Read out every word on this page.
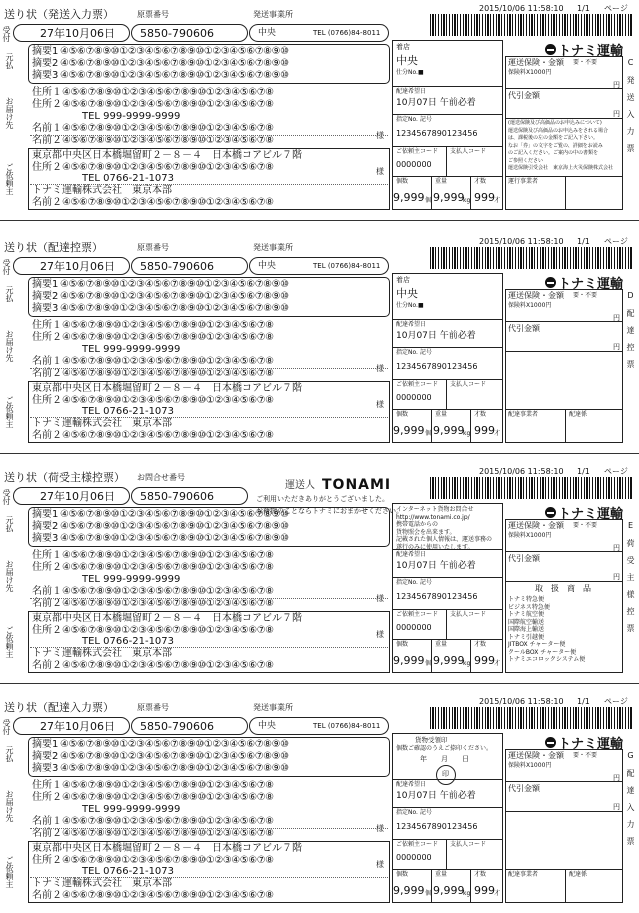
送り状（発送入力票）	原票番号	発送事業所
2015/10/06 11:58:10 1/1 ページ
受付	27年10月06日 5850-790606	中央	TEL (0766)84-8011
元払
お届け先
ご依頼主
摘要1 ④⑤⑥⑦⑧⑨⑩①②③④⑤⑥⑦⑧⑨⑩①②③④⑤⑥⑦⑧⑨⑩
摘要2 ④⑤⑥⑦⑧⑨⑩①②③④⑤⑥⑦⑧⑨⑩①②③④⑤⑥⑦⑧⑨⑩
摘要3 ④⑤⑥⑦⑧⑨⑩①②③④⑤⑥⑦⑧⑨⑩①②③④⑤⑥⑦⑧⑨⑩
住所１ ④⑤⑥⑦⑧⑨⑩①②③④⑤⑥⑦⑧⑨⑩①②③④⑤⑥⑦⑧
住所２ ④⑤⑥⑦⑧⑨⑩①②③④⑤⑥⑦⑧⑨⑩①②③④⑤⑥⑦⑧
TEL 999-9999-9999
名前１ ④⑤⑥⑦⑧⑨⑩①②③④⑤⑥⑦⑧⑨⑩①②③④⑤⑥⑦⑧
名前２ ④⑤⑥⑦⑧⑨⑩①②③④⑤⑥⑦⑧⑨⑩①②③④⑤⑥⑦⑧	様
東京都中央区日本橋堀留町２－８－４　日本橋コアビル７階
住所２ ④⑤⑥⑦⑧⑨⑩①②③④⑤⑥⑦⑧⑨⑩①②③④⑤⑥⑦⑧
TEL 0766-21-1073
トナミ運輸株式会社　東京本部
名前２ ④⑤⑥⑦⑧⑨⑩①②③④⑤⑥⑦⑧⑨⑩①②③④⑤⑥⑦⑧
様
着店
中央
仕分No. ■
配達希望日
10月07日 午前必着
指定No. 記号
1234567890123456
ご依頼主コード
0000000
支払人コード
個数
9,999 個
重量
9,999
kg
才数
999 才
トナミ運輸
運送保険・金額 要・不要
保険料X1000円
円
代引金額
円
(運送保険及び高価品のお申込みについて)
運送保険及び高価品のお申込みをされる場合
は、課税後の左の金額をご記入下さい。
なお「券」の文字をご覧の、詳細をお読み
のご記入ください。ご案内の中の書類を
ご参照ください
運送保険引受会社　東京海上火災保険株式会社
運行事業者
C 発 送 入 力 票
送り状（配達控票）	原票番号	発送事業所
2015/10/06 11:58:10 1/1 ページ
受付	27年10月06日 5850-790606	中央	TEL (0766)84-8011
元払
お届け先
ご依頼主
摘要1 ④⑤⑥⑦⑧⑨⑩①②③④⑤⑥⑦⑧⑨⑩①②③④⑤⑥⑦⑧⑨⑩
摘要2 ④⑤⑥⑦⑧⑨⑩①②③④⑤⑥⑦⑧⑨⑩①②③④⑤⑥⑦⑧⑨⑩
摘要3 ④⑤⑥⑦⑧⑨⑩①②③④⑤⑥⑦⑧⑨⑩①②③④⑤⑥⑦⑧⑨⑩
住所１ ④⑤⑥⑦⑧⑨⑩①②③④⑤⑥⑦⑧⑨⑩①②③④⑤⑥⑦⑧
住所２ ④⑤⑥⑦⑧⑨⑩①②③④⑤⑥⑦⑧⑨⑩①②③④⑤⑥⑦⑧
TEL 999-9999-9999
名前１ ④⑤⑥⑦⑧⑨⑩①②③④⑤⑥⑦⑧⑨⑩①②③④⑤⑥⑦⑧
名前２ ④⑤⑥⑦⑧⑨⑩①②③④⑤⑥⑦⑧⑨⑩①②③④⑤⑥⑦⑧	様
東京都中央区日本橋堀留町２－８－４　日本橋コアビル７階
住所２ ④⑤⑥⑦⑧⑨⑩①②③④⑤⑥⑦⑧⑨⑩①②③④⑤⑥⑦⑧
TEL 0766-21-1073
トナミ運輸株式会社　東京本部
名前２ ④⑤⑥⑦⑧⑨⑩①②③④⑤⑥⑦⑧⑨⑩①②③④⑤⑥⑦⑧
様
着店
中央
仕分No. ■
配達希望日
10月07日 午前必着
指定No. 記号
1234567890123456
ご依頼主コード
0000000
支払人コード
個数
9,999 個
重量
9,999
kg
才数
999 才
トナミ運輸
運送保険・金額 要・不要
保険料X1000円
円
代引金額
円
配達事業者	配達係
D 配 達 控 票
送り状（荷受主様控票） お問合せ番号
2015/10/06 11:58:10 1/1 ページ
受付	27年10月06日 5850-790606
運送人 TONAMI
ご利用いただきありがとうございました。
お荷物のことならトナミにおまかせください。
元払
お届け先
ご依頼主
摘要1 ④⑤⑥⑦⑧⑨⑩①②③④⑤⑥⑦⑧⑨⑩①②③④⑤⑥⑦⑧⑨⑩
摘要2 ④⑤⑥⑦⑧⑨⑩①②③④⑤⑥⑦⑧⑨⑩①②③④⑤⑥⑦⑧⑨⑩
摘要3 ④⑤⑥⑦⑧⑨⑩①②③④⑤⑥⑦⑧⑨⑩①②③④⑤⑥⑦⑧⑨⑩
住所１ ④⑤⑥⑦⑧⑨⑩①②③④⑤⑥⑦⑧⑨⑩①②③④⑤⑥⑦⑧
住所２ ④⑤⑥⑦⑧⑨⑩①②③④⑤⑥⑦⑧⑨⑩①②③④⑤⑥⑦⑧
TEL 999-9999-9999
名前１ ④⑤⑥⑦⑧⑨⑩①②③④⑤⑥⑦⑧⑨⑩①②③④⑤⑥⑦⑧
名前２ ④⑤⑥⑦⑧⑨⑩①②③④⑤⑥⑦⑧⑨⑩①②③④⑤⑥⑦⑧	様
東京都中央区日本橋堀留町２－８－４　日本橋コアビル７階
住所２ ④⑤⑥⑦⑧⑨⑩①②③④⑤⑥⑦⑧⑨⑩①②③④⑤⑥⑦⑧
TEL 0766-21-1073
トナミ運輸株式会社　東京本部
名前２ ④⑤⑥⑦⑧⑨⑩①②③④⑤⑥⑦⑧⑨⑩①②③④⑤⑥⑦⑧
様
インターネット貨物お問合せ
http://www.tonami.co.jp/
携帯電話からの
貨物照会を出来ます。
記載された個人情報は、運送事務の
遂行のみに使用いたします。
配達希望日
10月07日 午前必着
指定No. 記号
1234567890123456
ご依頼主コード
0000000
支払人コード
個数
9,999 個
重量
9,999
kg
才数
999 才
トナミ運輸
運送保険・金額 要・不要
保険料X1000円
円
代引金額
円
取　扱　商　品
トナミ特急便
ビジネス特急便
トナミ航空便
国際航空輸送
国際海上輸送
トナミ引越便
JITBOX チャーター便
クールBOX チャーター便
トナミエコロックシステム便
E 荷 受 主 様 控 票
送り状（配達入力票）	原票番号	発送事業所
2015/10/06 11:58:10 1/1 ページ
受付	27年10月06日 5850-790606	中央	TEL (0766)84-8011
元払
お届け先
ご依頼主
摘要1 ④⑤⑥⑦⑧⑨⑩①②③④⑤⑥⑦⑧⑨⑩①②③④⑤⑥⑦⑧⑨⑩
摘要2 ④⑤⑥⑦⑧⑨⑩①②③④⑤⑥⑦⑧⑨⑩①②③④⑤⑥⑦⑧⑨⑩
摘要3 ④⑤⑥⑦⑧⑨⑩①②③④⑤⑥⑦⑧⑨⑩①②③④⑤⑥⑦⑧⑨⑩
住所１ ④⑤⑥⑦⑧⑨⑩①②③④⑤⑥⑦⑧⑨⑩①②③④⑤⑥⑦⑧
住所２ ④⑤⑥⑦⑧⑨⑩①②③④⑤⑥⑦⑧⑨⑩①②③④⑤⑥⑦⑧
TEL 999-9999-9999
名前１ ④⑤⑥⑦⑧⑨⑩①②③④⑤⑥⑦⑧⑨⑩①②③④⑤⑥⑦⑧
名前２ ④⑤⑥⑦⑧⑨⑩①②③④⑤⑥⑦⑧⑨⑩①②③④⑤⑥⑦⑧	様
東京都中央区日本橋堀留町２－８－４　日本橋コアビル７階
住所２ ④⑤⑥⑦⑧⑨⑩①②③④⑤⑥⑦⑧⑨⑩①②③④⑤⑥⑦⑧
TEL 0766-21-1073
トナミ運輸株式会社　東京本部
名前２ ④⑤⑥⑦⑧⑨⑩①②③④⑤⑥⑦⑧⑨⑩①②③④⑤⑥⑦⑧
様
貨物受領印
個数ご確認のうえご捺印ください。
年　　月　　日
印
配達希望日
10月07日 午前必着
指定No. 記号
1234567890123456
ご依頼主コード
0000000
支払人コード
個数
9,999 個
重量
9,999
kg
才数
999 才
トナミ運輸
運送保険・金額 要・不要
保険料X1000円
円
代引金額
円
配達事業者	配達係
G 配 達 入 力 票
